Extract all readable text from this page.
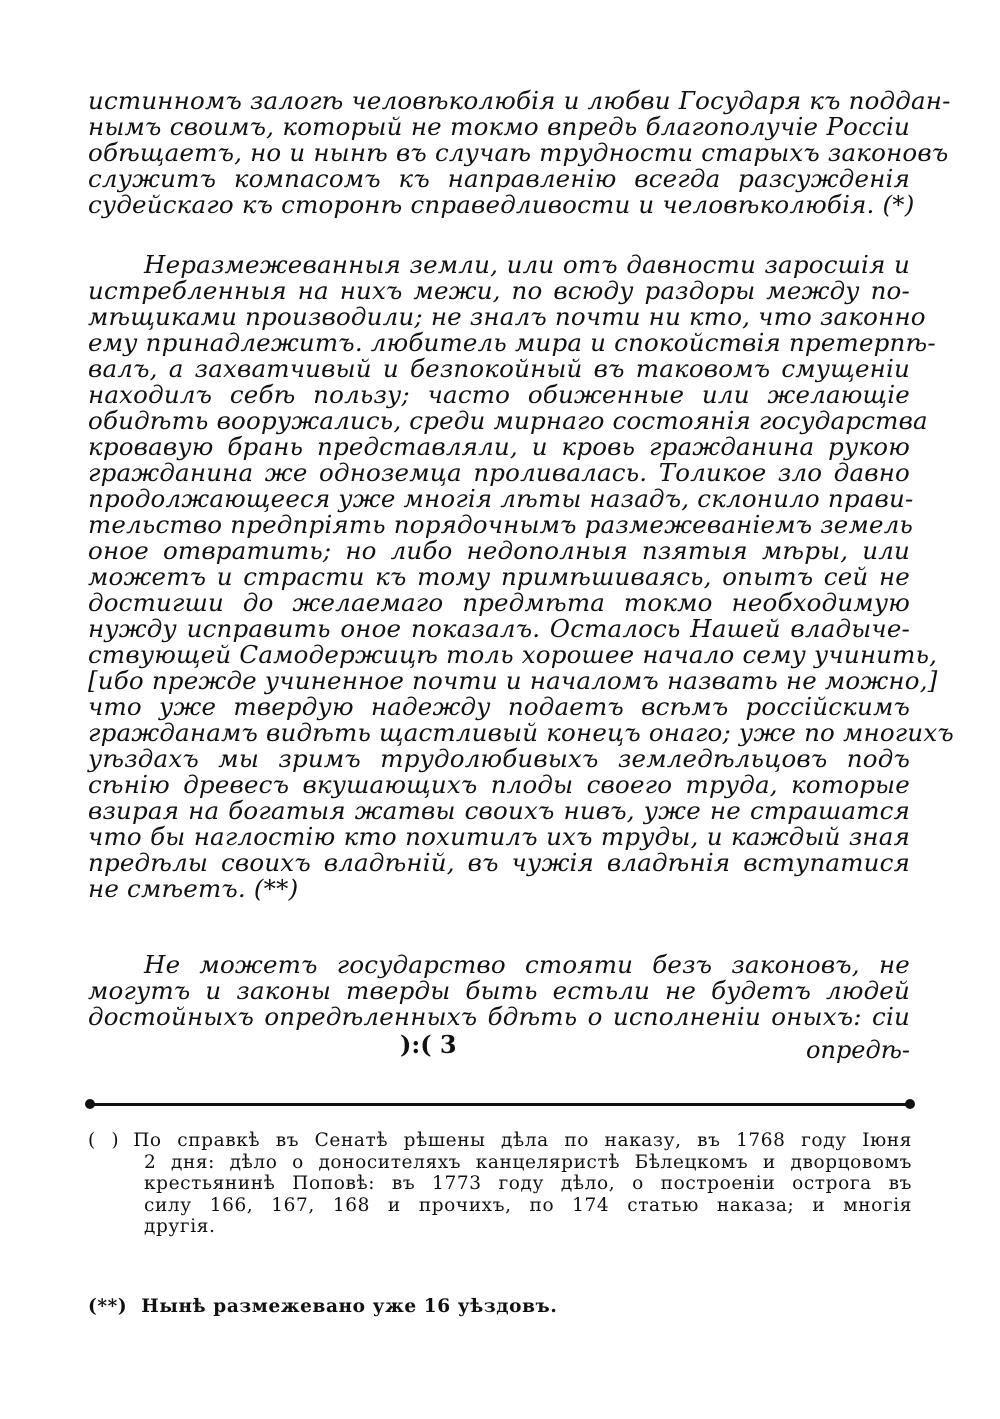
истинномъ залогѣ человѣколюбія и любви Государя къ поддан-
нымъ своимъ, который не токмо впредь благополучіе Россіи
обѣщаетъ, но и нынѣ въ случаѣ трудности старыхъ законовъ
служитъ компасомъ къ направленію всегда разсужденія
судейскаго къ сторонѣ справедливости и человѣколюбія. (*)
Неразмежеванныя земли, или отъ давности заросшія и
истребленныя на нихъ межи, по всюду раздоры между по-
мѣщиками производили; не зналъ почти ни кто, что законно
ему принадлежитъ. любитель мира и спокойствія претерпѣ-
валъ, а захватчивый и безпокойный въ таковомъ смущеніи
находилъ себѣ пользу; часто обиженные или желающіе
обидѣть вооружались, среди мирнаго состоянія государства
кровавую брань представляли, и кровь гражданина рукою
гражданина же одноземца проливалась. Толикое зло давно
продолжающееся уже многія лѣты назадъ, склонило прави-
тельство предпріять порядочнымъ размежеваніемъ земель
оное отвратить; но либо недополныя пзятыя мѣры, или
можетъ и страсти къ тому примѣшиваясь, опытъ сей не
достигши до желаемаго предмѣта токмо необходимую
нужду исправить оное показалъ. Осталось Нашей владыче-
ствующей Самодержицѣ толь хорошее начало сему учинить,
[ибо прежде учиненное почти и началомъ назвать не можно,]
что уже твердую надежду подаетъ всѣмъ россійскимъ
гражданамъ видѣть щастливый конецъ онаго; уже по многихъ
уѣздахъ мы зримъ трудолюбивыхъ земледѣльцовъ подъ
сѣнію древесъ вкушающихъ плоды своего труда, которые
взирая на богатыя жатвы своихъ нивъ, уже не страшатся
что бы наглостію кто похитилъ ихъ труды, и каждый зная
предѣлы своихъ владѣній, въ чужія владѣнія вступатися
не смѣетъ. (**)
Не можетъ государство стояти безъ законовъ, не
могутъ и законы тверды быть естьли не будетъ людей
достойныхъ опредѣленныхъ бдѣть о исполненіи оныхъ: сіи
):( 3	опредѣ-
( ) По справкѣ въ Сенатѣ рѣшены дѣла по наказу, въ 1768 году Іюня
2 дня: дѣло о доносителяхъ канцеляристѣ Бѣлецкомъ и дворцовомъ
крестьянинѣ Поповѣ: въ 1773 году дѣло, о построеніи острога въ
силу 166, 167, 168 и прочихъ, по 174 статью наказа; и многія
другія.
(**) Нынѣ размежевано уже 16 уѣздовъ.
